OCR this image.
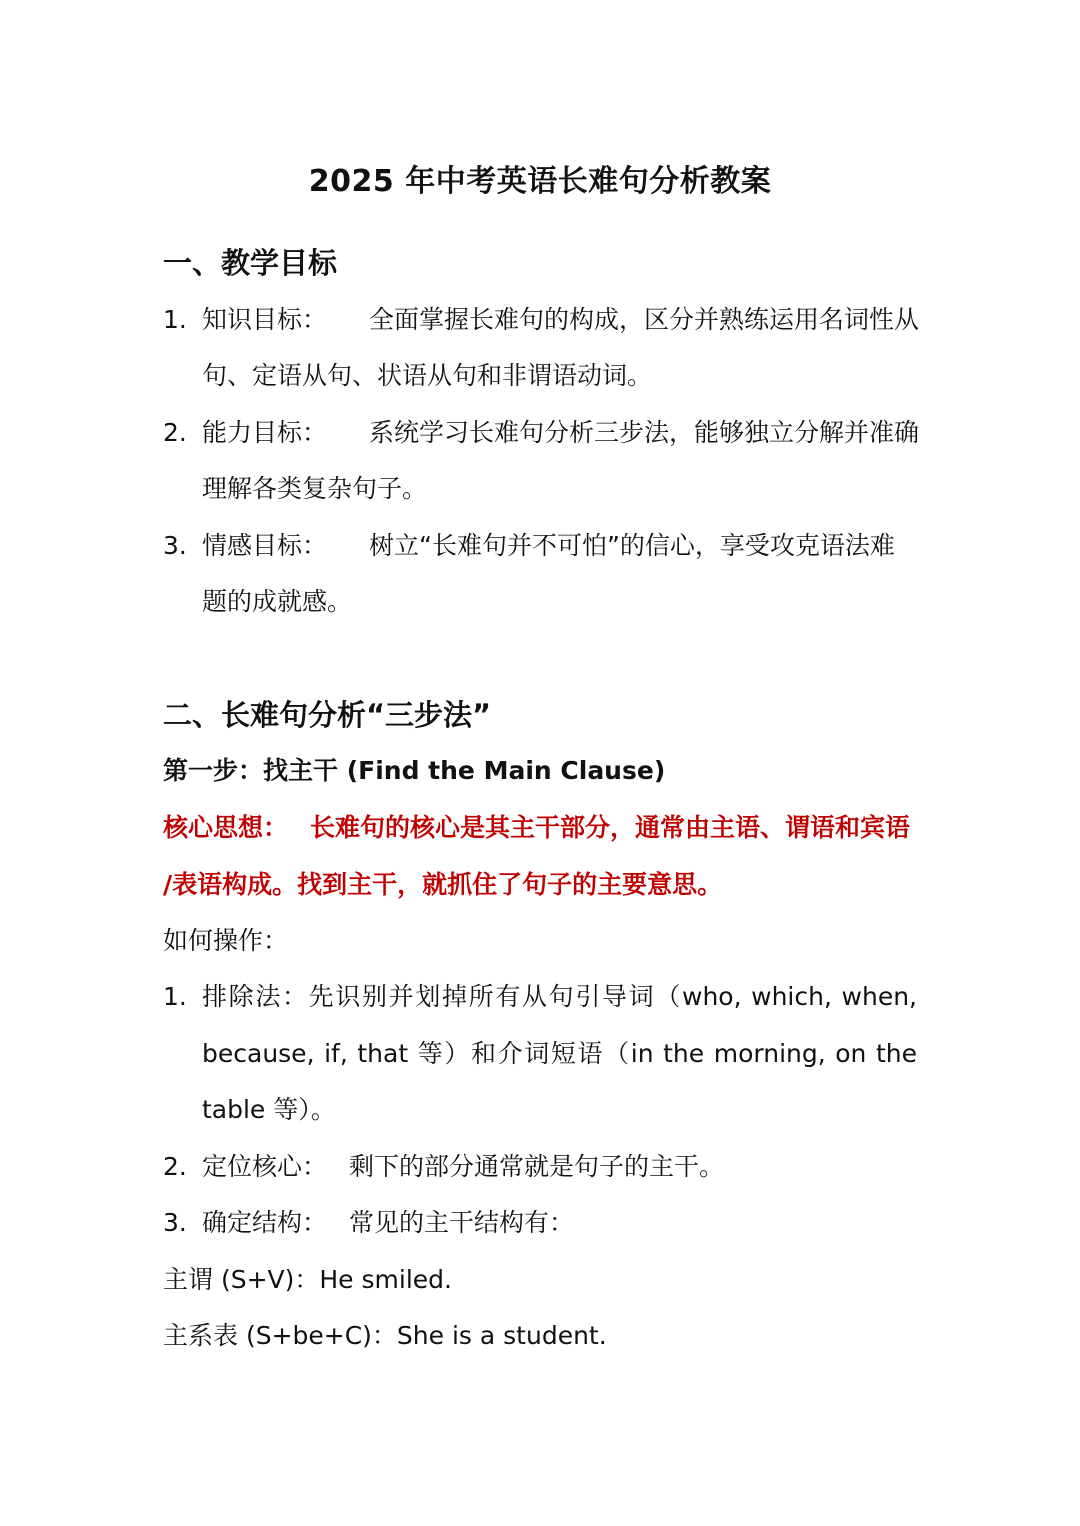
2025 年中考英语长难句分析教案
一、教学目标
1. 知识目标： 全面掌握长难句的构成，区分并熟练运用名词性从
句、定语从句、状语从句和非谓语动词。
2. 能力目标： 系统学习长难句分析三步法，能够独立分解并准确
理解各类复杂句子。
3. 情感目标： 树立“长难句并不可怕”的信心，享受攻克语法难
题的成就感。
二、长难句分析“三步法”
第一步：找主干 (Find the Main Clause)
核心思想： 长难句的核心是其主干部分，通常由主语、谓语和宾语
/表语构成。找到主干，就抓住了句子的主要意思。
如何操作：
1. 排除法：先识别并划掉所有从句引导词（who, which, when,
because, if, that 等）和介词短语（in the morning, on the
table 等）。
2. 定位核心： 剩下的部分通常就是句子的主干。
3. 确定结构： 常见的主干结构有：
主谓 (S+V)：He smiled.
主系表 (S+be+C)：She is a student.
